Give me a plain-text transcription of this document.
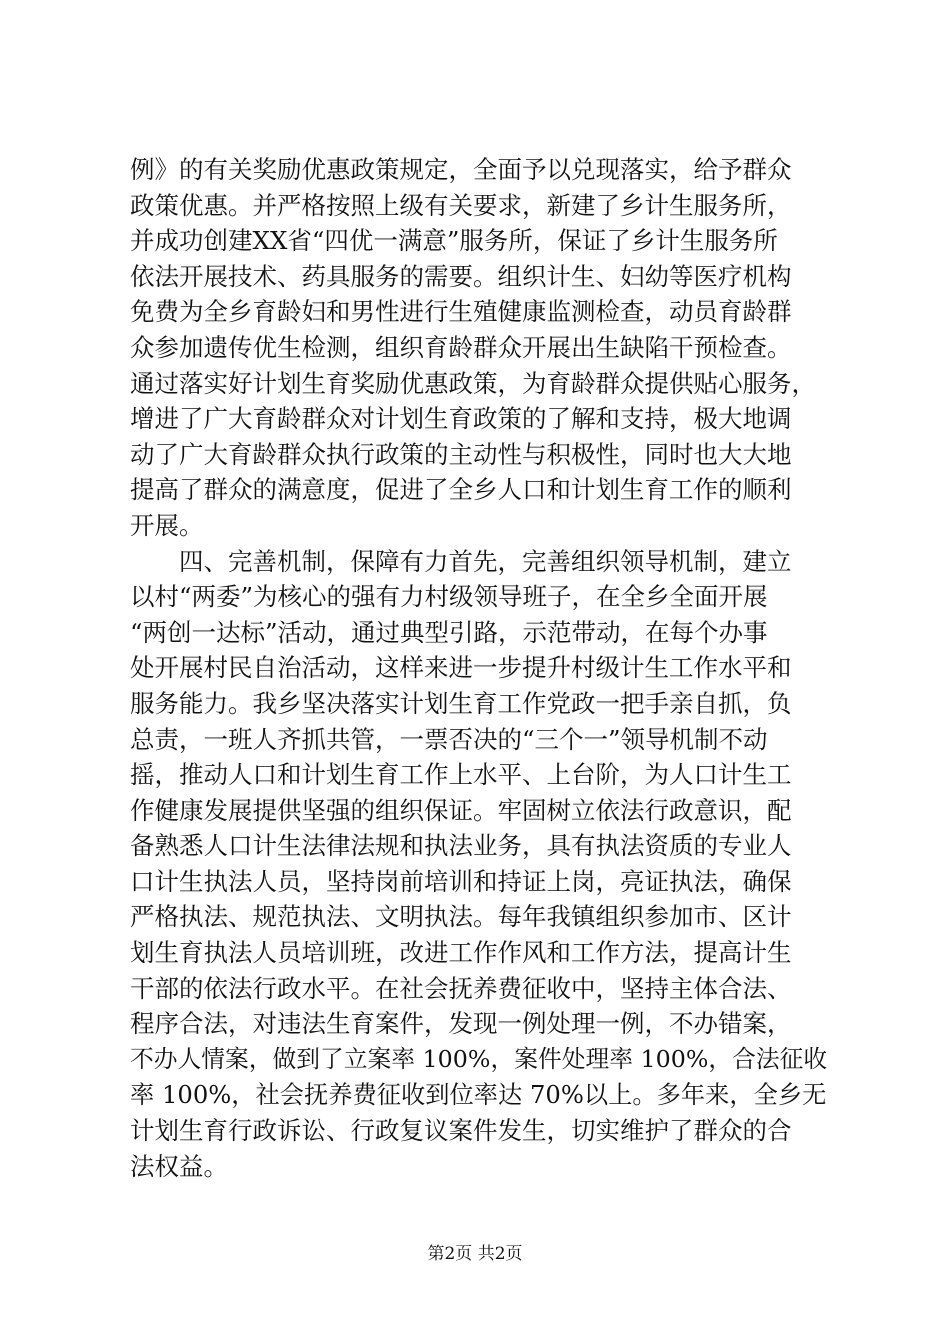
例》的有关奖励优惠政策规定，全面予以兑现落实，给予群众
政策优惠。并严格按照上级有关要求，新建了乡计生服务所，
并成功创建XX省“四优一满意”服务所，保证了乡计生服务所
依法开展技术、药具服务的需要。组织计生、妇幼等医疗机构
免费为全乡育龄妇和男性进行生殖健康监测检查，动员育龄群
众参加遗传优生检测，组织育龄群众开展出生缺陷干预检查。
通过落实好计划生育奖励优惠政策，为育龄群众提供贴心服务，
增进了广大育龄群众对计划生育政策的了解和支持，极大地调
动了广大育龄群众执行政策的主动性与积极性，同时也大大地
提高了群众的满意度，促进了全乡人口和计划生育工作的顺利
开展。
　　四、完善机制，保障有力首先，完善组织领导机制，建立
以村“两委”为核心的强有力村级领导班子，在全乡全面开展
“两创一达标”活动，通过典型引路，示范带动，在每个办事
处开展村民自治活动，这样来进一步提升村级计生工作水平和
服务能力。我乡坚决落实计划生育工作党政一把手亲自抓，负
总责，一班人齐抓共管，一票否决的“三个一”领导机制不动
摇，推动人口和计划生育工作上水平、上台阶，为人口计生工
作健康发展提供坚强的组织保证。牢固树立依法行政意识，配
备熟悉人口计生法律法规和执法业务，具有执法资质的专业人
口计生执法人员，坚持岗前培训和持证上岗，亮证执法，确保
严格执法、规范执法、文明执法。每年我镇组织参加市、区计
划生育执法人员培训班，改进工作作风和工作方法，提高计生
干部的依法行政水平。在社会抚养费征收中，坚持主体合法、
程序合法，对违法生育案件，发现一例处理一例，不办错案，
不办人情案，做到了立案率 100%，案件处理率 100%，合法征收
率 100%，社会抚养费征收到位率达 70%以上。多年来，全乡无
计划生育行政诉讼、行政复议案件发生，切实维护了群众的合
法权益。
第2页 共2页
